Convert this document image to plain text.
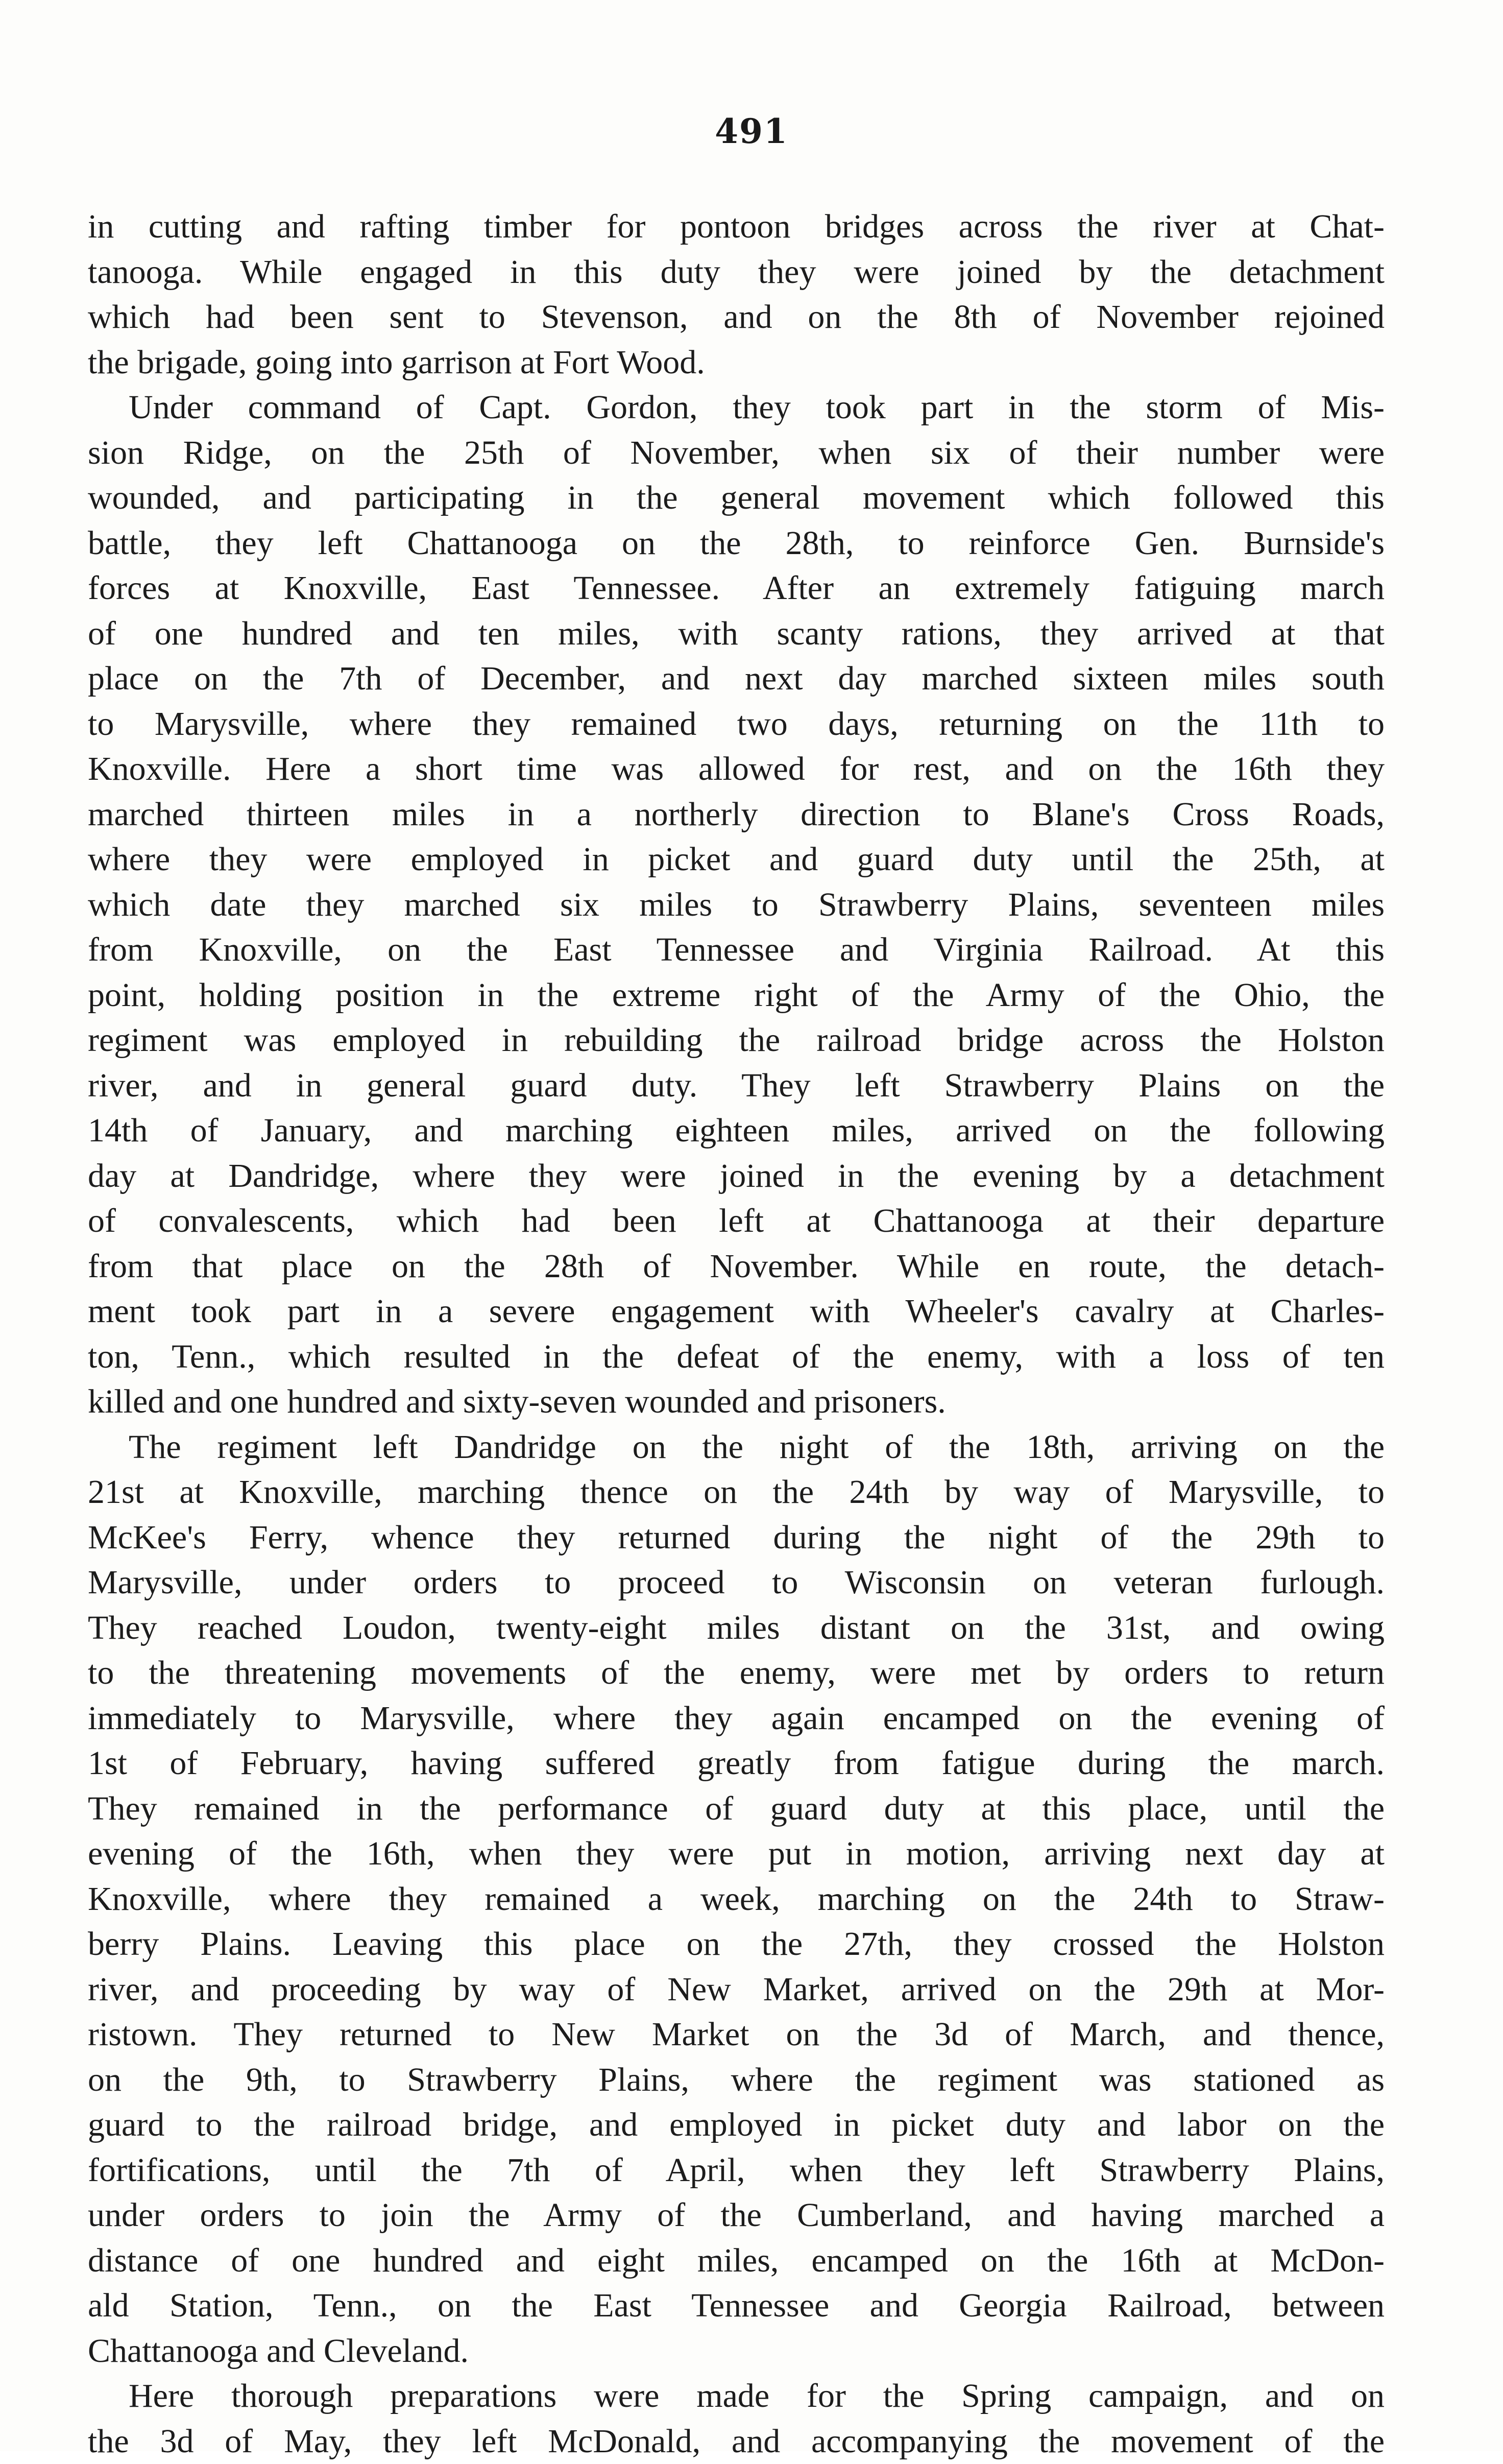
491
in cutting and rafting timber for pontoon bridges across the river at Chat-
tanooga. While engaged in this duty they were joined by the detachment
which had been sent to Stevenson, and on the 8th of November rejoined
the brigade, going into garrison at Fort Wood.
Under command of Capt. Gordon, they took part in the storm of Mis-
sion Ridge, on the 25th of November, when six of their number were
wounded, and participating in the general movement which followed this
battle, they left Chattanooga on the 28th, to reinforce Gen. Burnside's
forces at Knoxville, East Tennessee. After an extremely fatiguing march
of one hundred and ten miles, with scanty rations, they arrived at that
place on the 7th of December, and next day marched sixteen miles south
to Marysville, where they remained two days, returning on the 11th to
Knoxville. Here a short time was allowed for rest, and on the 16th they
marched thirteen miles in a northerly direction to Blane's Cross Roads,
where they were employed in picket and guard duty until the 25th, at
which date they marched six miles to Strawberry Plains, seventeen miles
from Knoxville, on the East Tennessee and Virginia Railroad. At this
point, holding position in the extreme right of the Army of the Ohio, the
regiment was employed in rebuilding the railroad bridge across the Holston
river, and in general guard duty. They left Strawberry Plains on the
14th of January, and marching eighteen miles, arrived on the following
day at Dandridge, where they were joined in the evening by a detachment
of convalescents, which had been left at Chattanooga at their departure
from that place on the 28th of November. While en route, the detach-
ment took part in a severe engagement with Wheeler's cavalry at Charles-
ton, Tenn., which resulted in the defeat of the enemy, with a loss of ten
killed and one hundred and sixty-seven wounded and prisoners.
The regiment left Dandridge on the night of the 18th, arriving on the
21st at Knoxville, marching thence on the 24th by way of Marysville, to
McKee's Ferry, whence they returned during the night of the 29th to
Marysville, under orders to proceed to Wisconsin on veteran furlough.
They reached Loudon, twenty-eight miles distant on the 31st, and owing
to the threatening movements of the enemy, were met by orders to return
immediately to Marysville, where they again encamped on the evening of
1st of February, having suffered greatly from fatigue during the march.
They remained in the performance of guard duty at this place, until the
evening of the 16th, when they were put in motion, arriving next day at
Knoxville, where they remained a week, marching on the 24th to Straw-
berry Plains. Leaving this place on the 27th, they crossed the Holston
river, and proceeding by way of New Market, arrived on the 29th at Mor-
ristown. They returned to New Market on the 3d of March, and thence,
on the 9th, to Strawberry Plains, where the regiment was stationed as
guard to the railroad bridge, and employed in picket duty and labor on the
fortifications, until the 7th of April, when they left Strawberry Plains,
under orders to join the Army of the Cumberland, and having marched a
distance of one hundred and eight miles, encamped on the 16th at McDon-
ald Station, Tenn., on the East Tennessee and Georgia Railroad, between
Chattanooga and Cleveland.
Here thorough preparations were made for the Spring campaign, and on
the 3d of May, they left McDonald, and accompanying the movement of the
